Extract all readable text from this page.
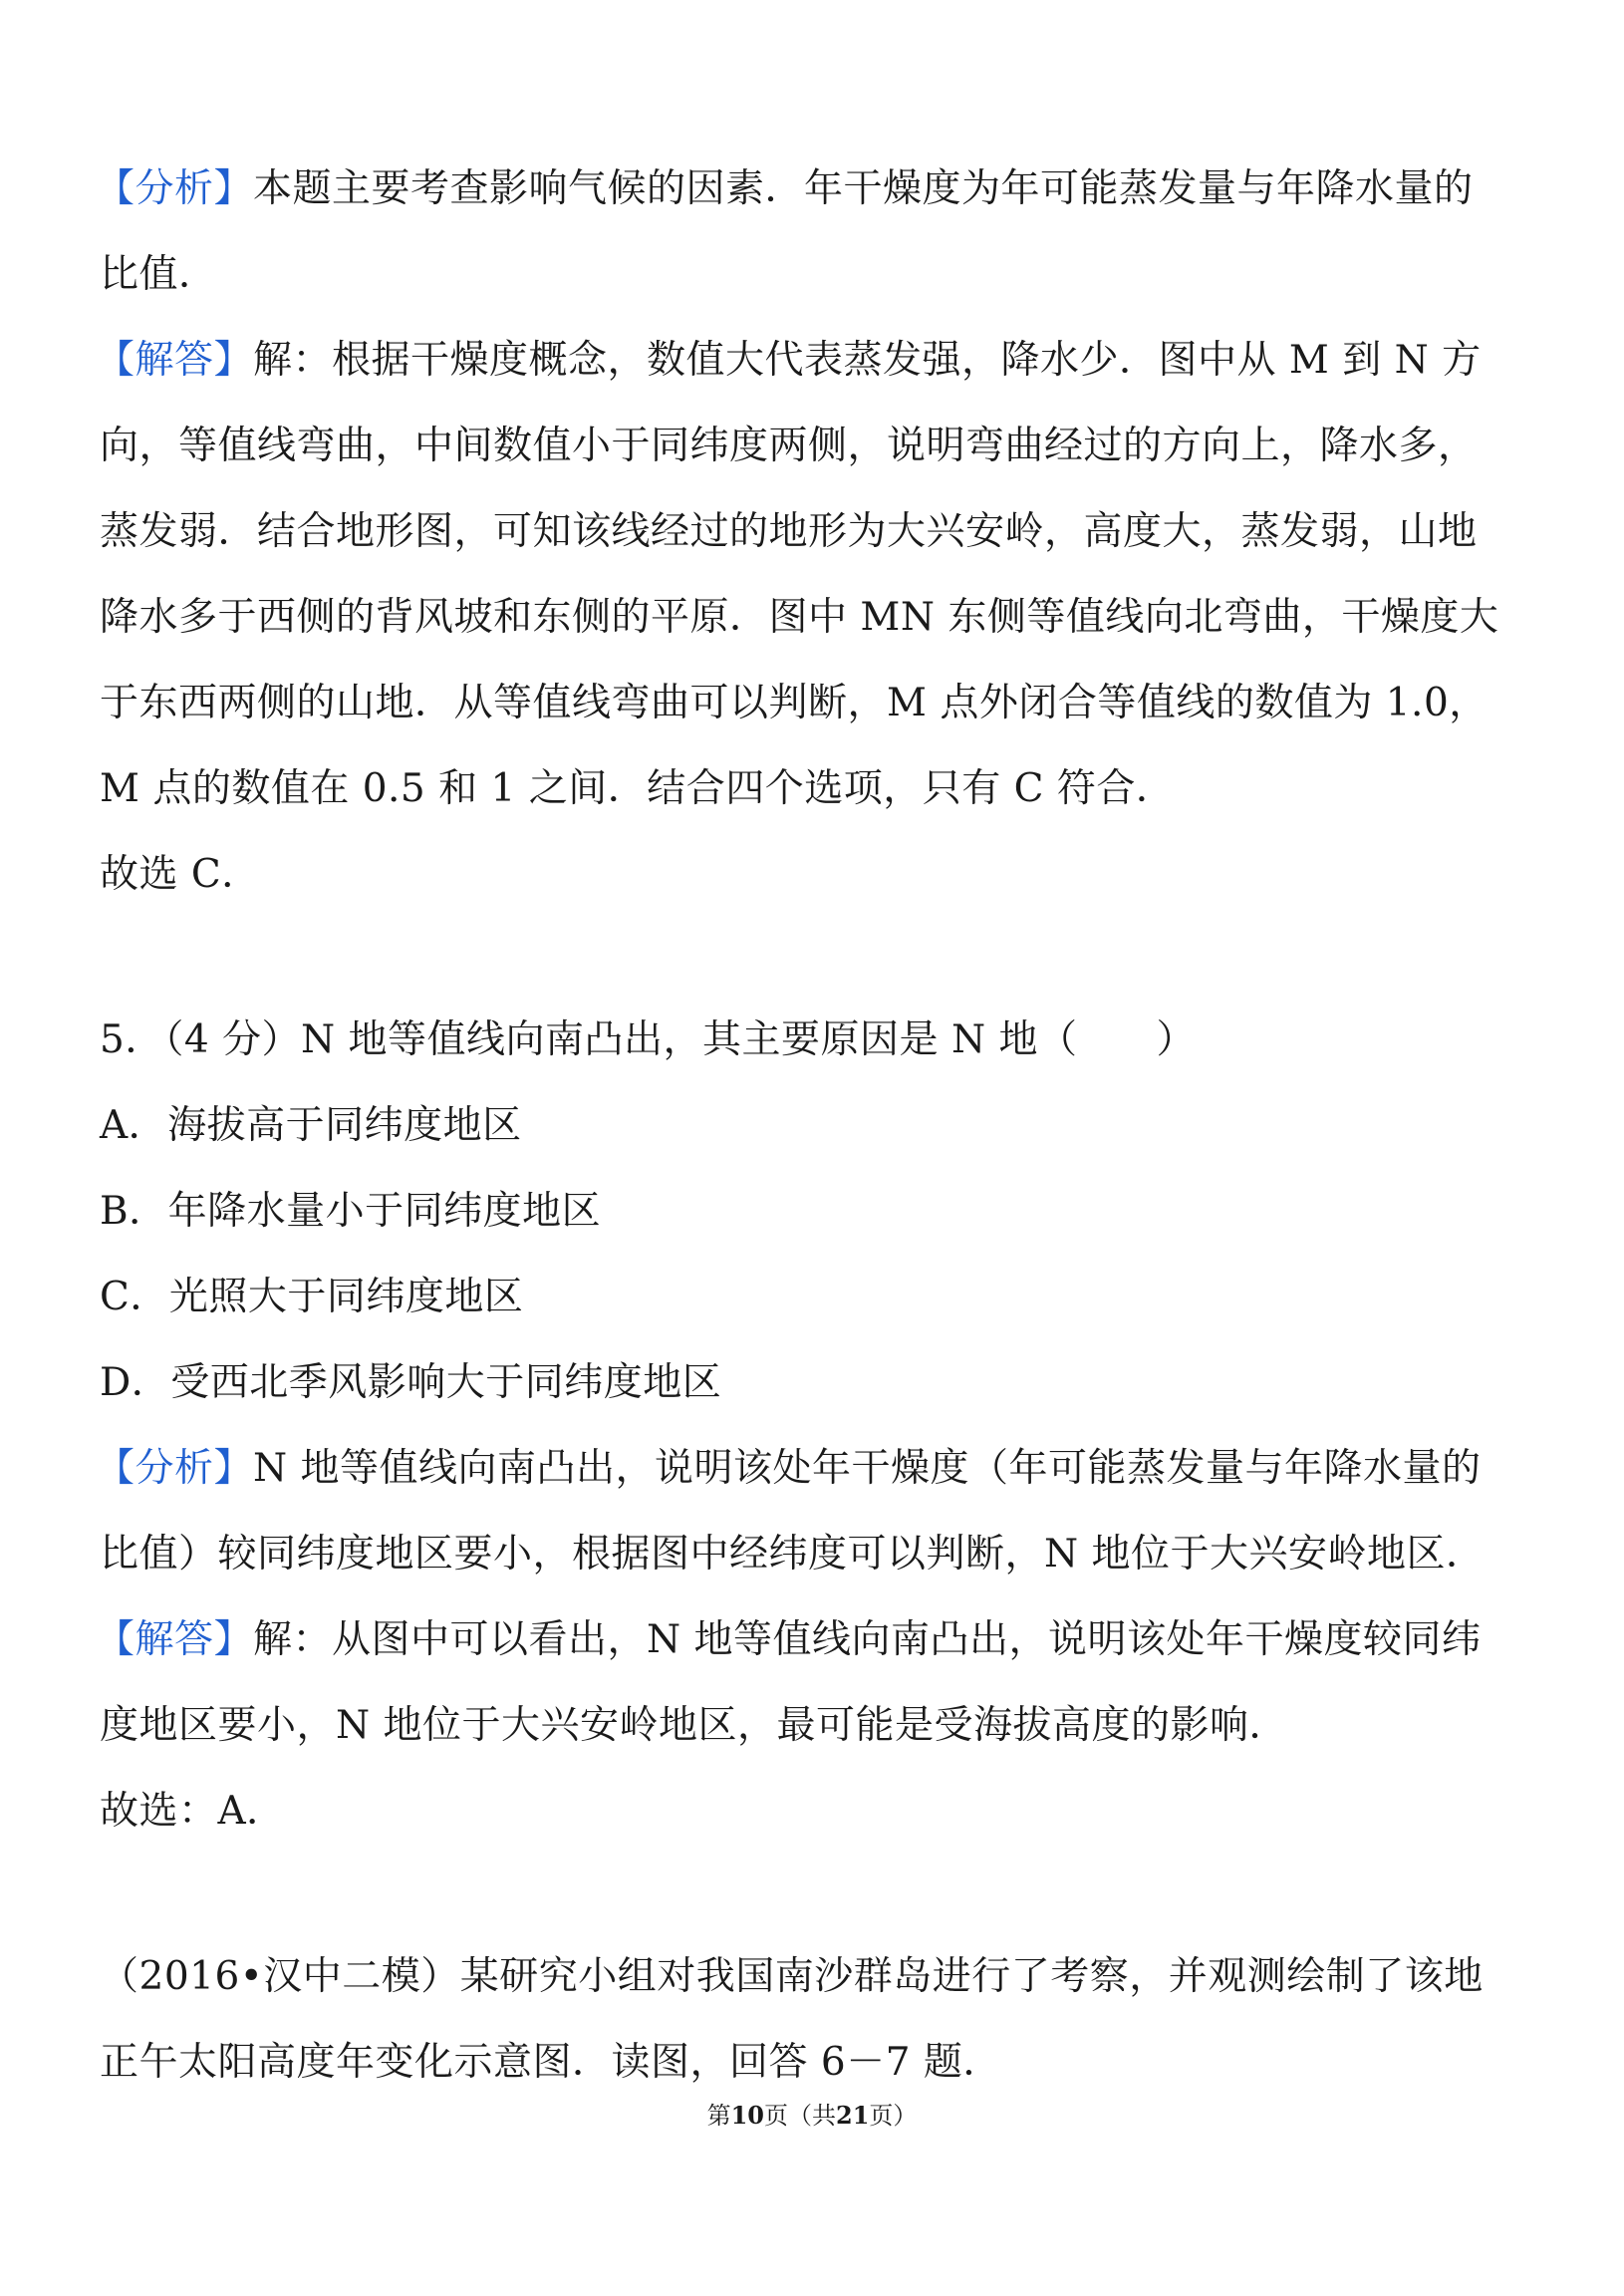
【分析】本题主要考查影响气候的因素．年干燥度为年可能蒸发量与年降水量的
比值．
【解答】解：根据干燥度概念，数值大代表蒸发强，降水少．图中从 M 到 N 方
向，等值线弯曲，中间数值小于同纬度两侧，说明弯曲经过的方向上，降水多，
蒸发弱．结合地形图，可知该线经过的地形为大兴安岭，高度大，蒸发弱，山地
降水多于西侧的背风坡和东侧的平原．图中 MN 东侧等值线向北弯曲，干燥度大
于东西两侧的山地．从等值线弯曲可以判断，M 点外闭合等值线的数值为 1.0，
M 点的数值在 0.5 和 1 之间．结合四个选项，只有 C 符合．
故选 C．
5．（4 分）N 地等值线向南凸出，其主要原因是 N 地（　　）
A．海拔高于同纬度地区
B．年降水量小于同纬度地区
C．光照大于同纬度地区
D．受西北季风影响大于同纬度地区
【分析】N 地等值线向南凸出，说明该处年干燥度（年可能蒸发量与年降水量的
比值）较同纬度地区要小，根据图中经纬度可以判断，N 地位于大兴安岭地区．
【解答】解：从图中可以看出，N 地等值线向南凸出，说明该处年干燥度较同纬
度地区要小，N 地位于大兴安岭地区，最可能是受海拔高度的影响．
故选：A．
（2016•汉中二模）某研究小组对我国南沙群岛进行了考察，并观测绘制了该地
正午太阳高度年变化示意图．读图，回答 6－7 题．
第10页（共21页）
